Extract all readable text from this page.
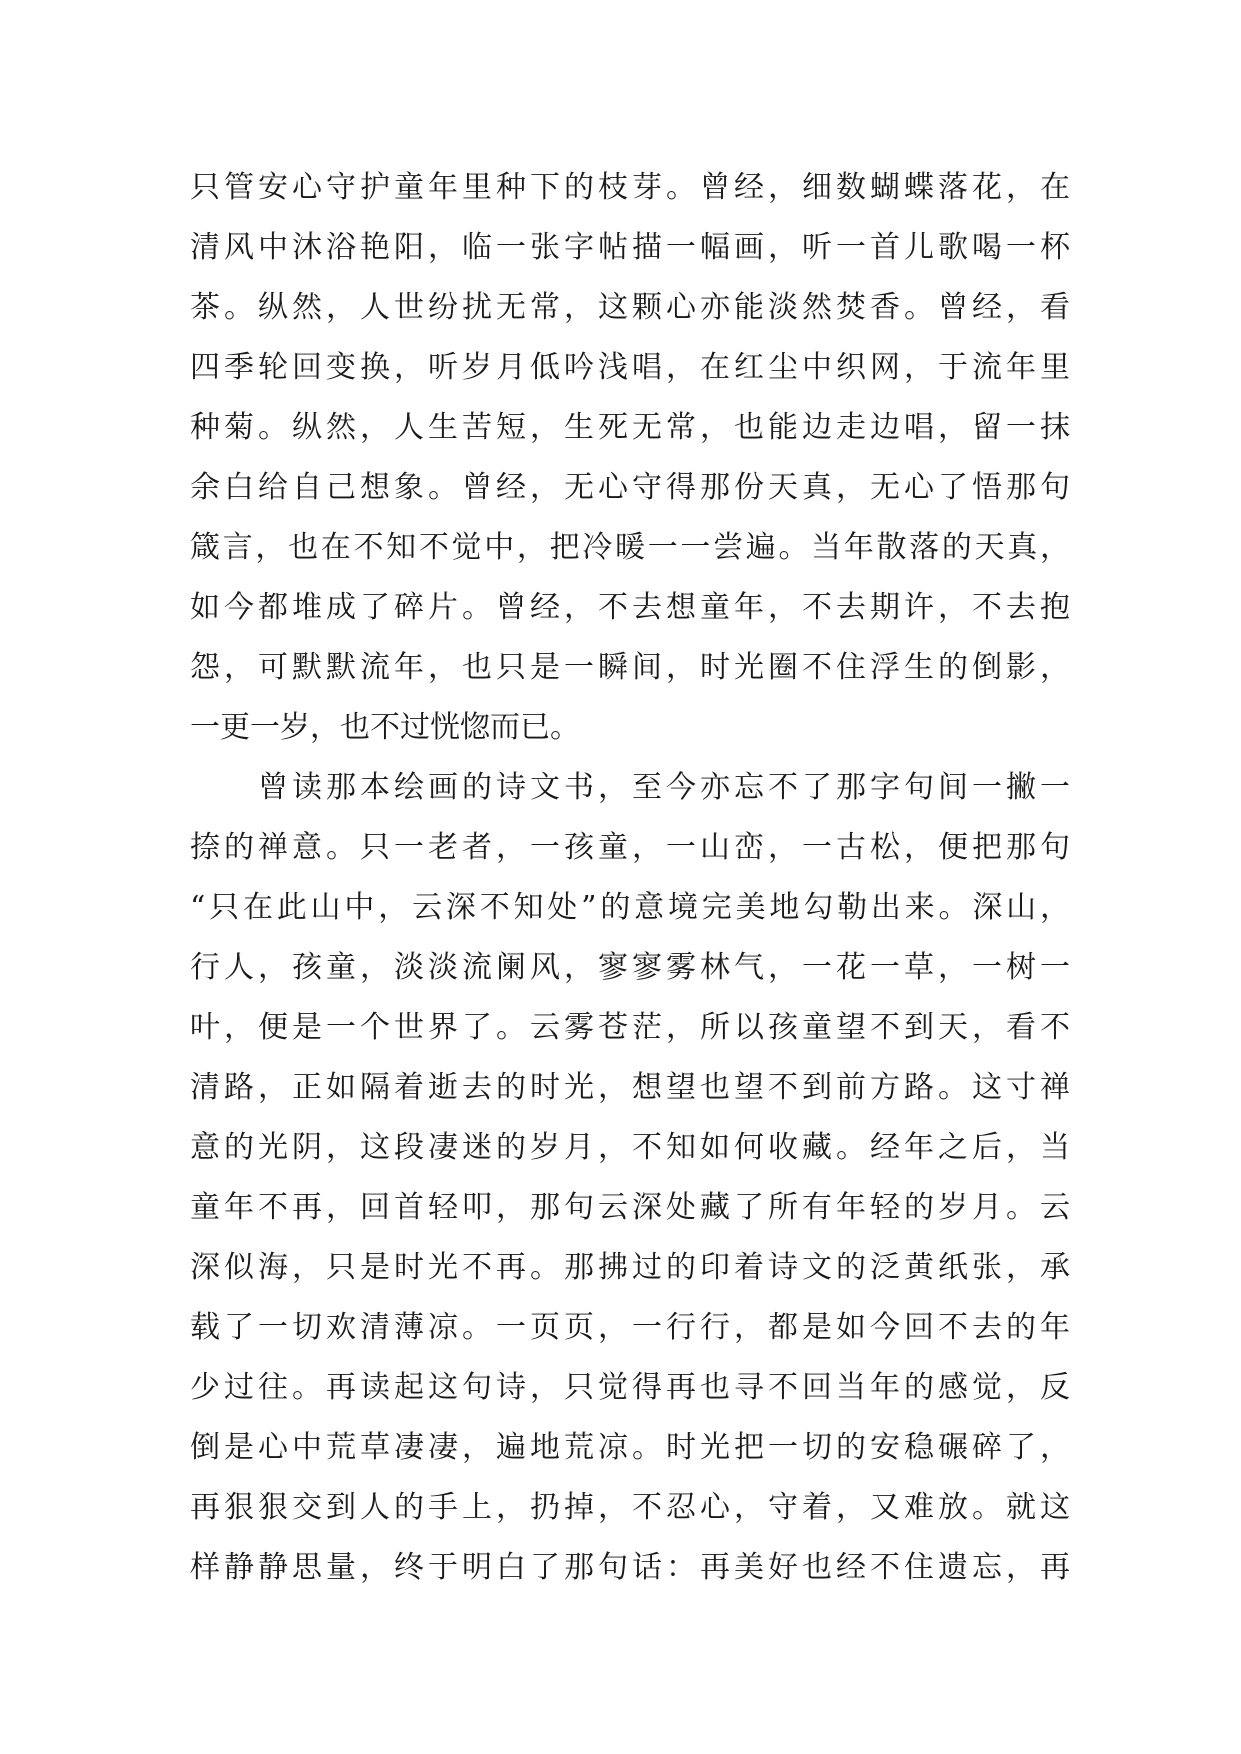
只管安心守护童年里种下的枝芽。曾经，细数蝴蝶落花，在
清风中沐浴艳阳，临一张字帖描一幅画，听一首儿歌喝一杯
茶。纵然，人世纷扰无常，这颗心亦能淡然焚香。曾经，看
四季轮回变换，听岁月低吟浅唱，在红尘中织网，于流年里
种菊。纵然，人生苦短，生死无常，也能边走边唱，留一抹
余白给自己想象。曾经，无心守得那份天真，无心了悟那句
箴言，也在不知不觉中，把冷暖一一尝遍。当年散落的天真，
如今都堆成了碎片。曾经，不去想童年，不去期许，不去抱
怨，可默默流年，也只是一瞬间，时光圈不住浮生的倒影，
一更一岁，也不过恍惚而已。
曾读那本绘画的诗文书，至今亦忘不了那字句间一撇一
捺的禅意。只一老者，一孩童，一山峦，一古松，便把那句
“只在此山中，云深不知处”的意境完美地勾勒出来。深山，
行人，孩童，淡淡流阑风，寥寥雾林气，一花一草，一树一
叶，便是一个世界了。云雾苍茫，所以孩童望不到天，看不
清路，正如隔着逝去的时光，想望也望不到前方路。这寸禅
意的光阴，这段凄迷的岁月，不知如何收藏。经年之后，当
童年不再，回首轻叩，那句云深处藏了所有年轻的岁月。云
深似海，只是时光不再。那拂过的印着诗文的泛黄纸张，承
载了一切欢清薄凉。一页页，一行行，都是如今回不去的年
少过往。再读起这句诗，只觉得再也寻不回当年的感觉，反
倒是心中荒草凄凄，遍地荒凉。时光把一切的安稳碾碎了，
再狠狠交到人的手上，扔掉，不忍心，守着，又难放。就这
样静静思量，终于明白了那句话：再美好也经不住遗忘，再
